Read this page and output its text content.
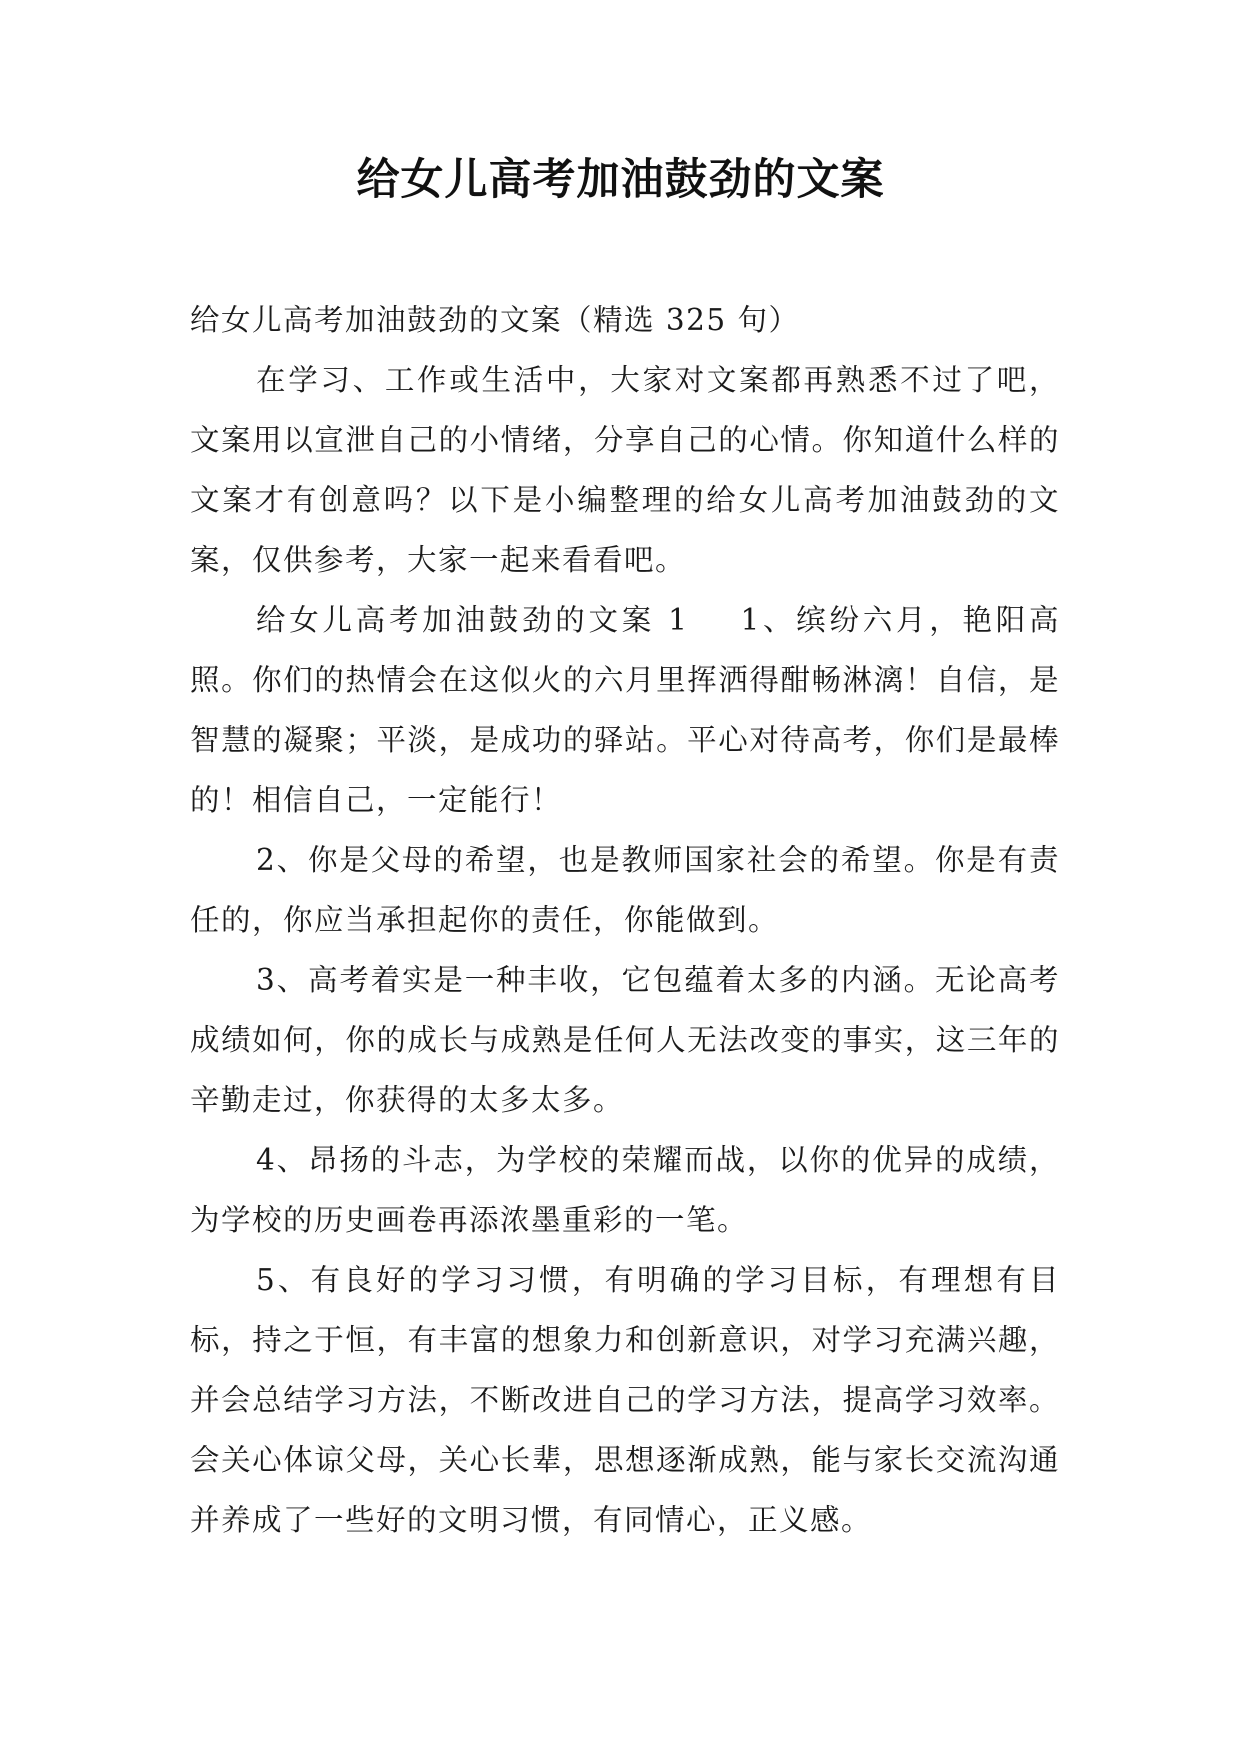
给女儿高考加油鼓劲的文案

给女儿高考加油鼓劲的文案（精选 325 句）

在学习、工作或生活中，大家对文案都再熟悉不过了吧，文案用以宣泄自己的小情绪，分享自己的心情。你知道什么样的文案才有创意吗？以下是小编整理的给女儿高考加油鼓劲的文案，仅供参考，大家一起来看看吧。

给女儿高考加油鼓劲的文案 1 1、缤纷六月，艳阳高照。你们的热情会在这似火的六月里挥洒得酣畅淋漓！自信，是智慧的凝聚；平淡，是成功的驿站。平心对待高考，你们是最棒的！相信自己，一定能行！

2、你是父母的希望，也是教师国家社会的希望。你是有责任的，你应当承担起你的责任，你能做到。

3、高考着实是一种丰收，它包蕴着太多的内涵。无论高考成绩如何，你的成长与成熟是任何人无法改变的事实，这三年的辛勤走过，你获得的太多太多。

4、昂扬的斗志，为学校的荣耀而战，以你的优异的成绩，为学校的历史画卷再添浓墨重彩的一笔。

5、有良好的学习习惯，有明确的学习目标，有理想有目标，持之于恒，有丰富的想象力和创新意识，对学习充满兴趣，并会总结学习方法，不断改进自己的学习方法，提高学习效率。会关心体谅父母，关心长辈，思想逐渐成熟，能与家长交流沟通并养成了一些好的文明习惯，有同情心，正义感。
